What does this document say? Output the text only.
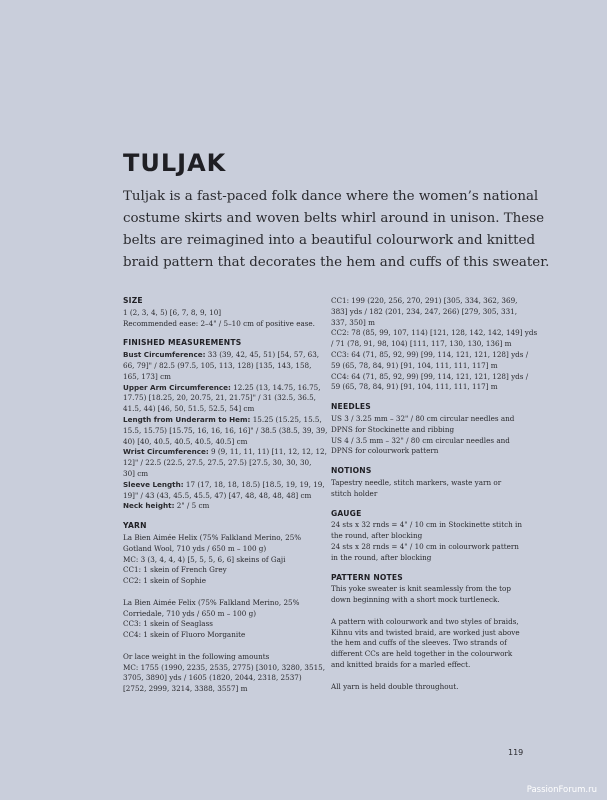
TULJAK
Tuljak is a fast-paced folk dance where the women’s national
costume skirts and woven belts whirl around in unison. These
belts are reimagined into a beautiful colourwork and knitted
braid pattern that decorates the hem and cuffs of this sweater.
SIZE
1 (2, 3, 4, 5) [6, 7, 8, 9, 10]
Recommended ease: 2–4" / 5–10 cm of positive ease.
FINISHED MEASUREMENTS
Bust Circumference: 33 (39, 42, 45, 51) [54, 57, 63,
66, 79]" / 82.5 (97.5, 105, 113, 128) [135, 143, 158,
165, 173] cm
Upper Arm Circumference: 12.25 (13, 14.75, 16.75,
17.75) [18.25, 20, 20.75, 21, 21.75]" / 31 (32.5, 36.5,
41.5, 44) [46, 50, 51.5, 52.5, 54] cm
Length from Underarm to Hem: 15.25 (15.25, 15.5,
15.5, 15.75) [15.75, 16, 16, 16, 16]" / 38.5 (38.5, 39, 39,
40) [40, 40.5, 40.5, 40.5, 40.5] cm
Wrist Circumference: 9 (9, 11, 11, 11) [11, 12, 12, 12,
12]" / 22.5 (22.5, 27.5, 27.5, 27.5) [27.5, 30, 30, 30,
30] cm
Sleeve Length: 17 (17, 18, 18, 18.5) [18.5, 19, 19, 19,
19]" / 43 (43, 45.5, 45.5, 47) [47, 48, 48, 48, 48] cm
Neck height: 2" / 5 cm
YARN
La Bien Aimée Helix (75% Falkland Merino, 25%
Gotland Wool, 710 yds / 650 m – 100 g)
MC: 3 (3, 4, 4, 4) [5, 5, 5, 6, 6] skeins of Gaji
CC1: 1 skein of French Grey
CC2: 1 skein of Sophie
La Bien Aimée Felix (75% Falkland Merino, 25%
Corriedale, 710 yds / 650 m – 100 g)
CC3: 1 skein of Seaglass
CC4: 1 skein of Fluoro Morganite
Or lace weight in the following amounts
MC: 1755 (1990, 2235, 2535, 2775) [3010, 3280, 3515,
3705, 3890] yds / 1605 (1820, 2044, 2318, 2537)
[2752, 2999, 3214, 3388, 3557] m
CC1: 199 (220, 256, 270, 291) [305, 334, 362, 369,
383] yds / 182 (201, 234, 247, 266) [279, 305, 331,
337, 350] m
CC2: 78 (85, 99, 107, 114) [121, 128, 142, 142, 149] yds
/ 71 (78, 91, 98, 104) [111, 117, 130, 130, 136] m
CC3: 64 (71, 85, 92, 99) [99, 114, 121, 121, 128] yds /
59 (65, 78, 84, 91) [91, 104, 111, 111, 117] m
CC4: 64 (71, 85, 92, 99) [99, 114, 121, 121, 128] yds /
59 (65, 78, 84, 91) [91, 104, 111, 111, 117] m
NEEDLES
US 3 / 3.25 mm – 32" / 80 cm circular needles and
DPNS for Stockinette and ribbing
US 4 / 3.5 mm – 32" / 80 cm circular needles and
DPNS for colourwork pattern
NOTIONS
Tapestry needle, stitch markers, waste yarn or
stitch holder
GAUGE
24 sts x 32 rnds = 4" / 10 cm in Stockinette stitch in
the round, after blocking
24 sts x 28 rnds = 4" / 10 cm in colourwork pattern
in the round, after blocking
PATTERN NOTES
This yoke sweater is knit seamlessly from the top
down beginning with a short mock turtleneck.
A pattern with colourwork and two styles of braids,
Kihnu vits and twisted braid, are worked just above
the hem and cuffs of the sleeves. Two strands of
different CCs are held together in the colourwork
and knitted braids for a marled effect.
All yarn is held double throughout.
119
PassionForum.ru
